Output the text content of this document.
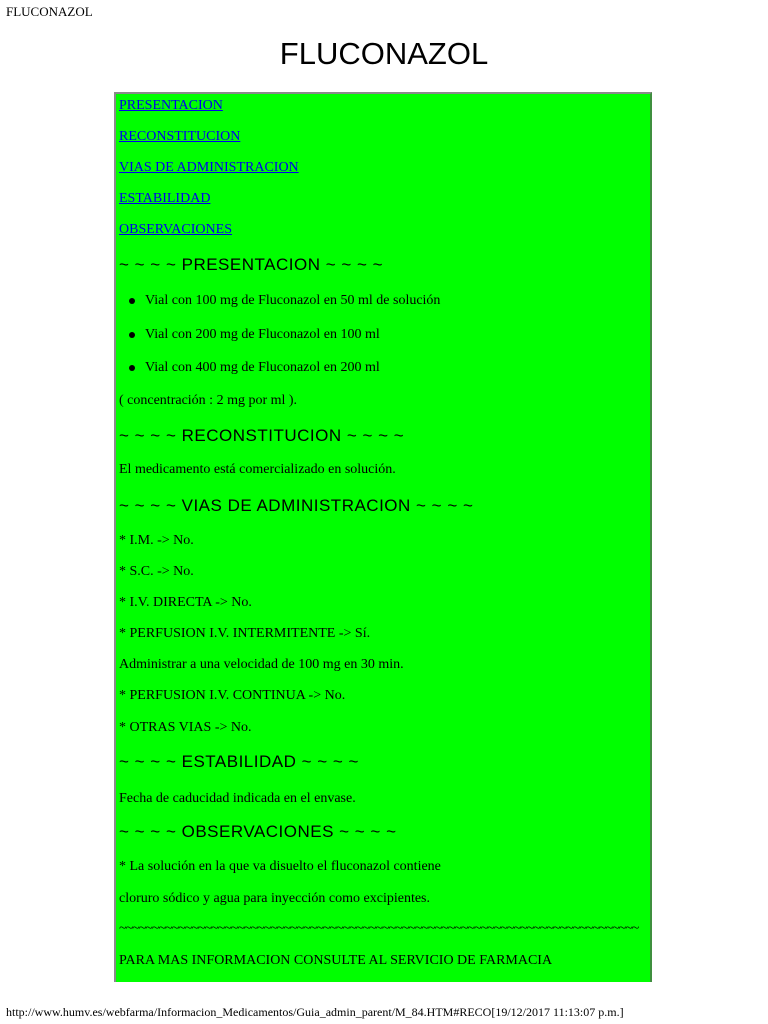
FLUCONAZOL
FLUCONAZOL
PRESENTACION
RECONSTITUCION
VIAS DE ADMINISTRACION
ESTABILIDAD
OBSERVACIONES
~ ~ ~ ~ PRESENTACION ~ ~ ~ ~
Vial con 100 mg de Fluconazol en 50 ml de solución
Vial con 200 mg de Fluconazol en 100 ml
Vial con 400 mg de Fluconazol en 200 ml
( concentración : 2 mg por ml ).
~ ~ ~ ~ RECONSTITUCION ~ ~ ~ ~
El medicamento está comercializado en solución.
~ ~ ~ ~ VIAS DE ADMINISTRACION ~ ~ ~ ~
* I.M. -> No.
* S.C. -> No.
* I.V. DIRECTA -> No.
* PERFUSION I.V. INTERMITENTE -> Sí.
Administrar a una velocidad de 100 mg en 30 min.
* PERFUSION I.V. CONTINUA -> No.
* OTRAS VIAS -> No.
~ ~ ~ ~ ESTABILIDAD ~ ~ ~ ~
Fecha de caducidad indicada en el envase.
~ ~ ~ ~ OBSERVACIONES ~ ~ ~ ~
* La solución en la que va disuelto el fluconazol contiene
cloruro sódico y agua para inyección como excipientes.
~~~~~~~~~~~~~~~~~~~~~~~~~~~~~~~~~~~~~~~~~~~~~~~~~~~~~~~~~~~~~~~~~~~~~~~~~~~~~~~
PARA MAS INFORMACION CONSULTE AL SERVICIO DE FARMACIA
http://www.humv.es/webfarma/Informacion_Medicamentos/Guia_admin_parent/M_84.HTM#RECO[19/12/2017 11:13:07 p.m.]
